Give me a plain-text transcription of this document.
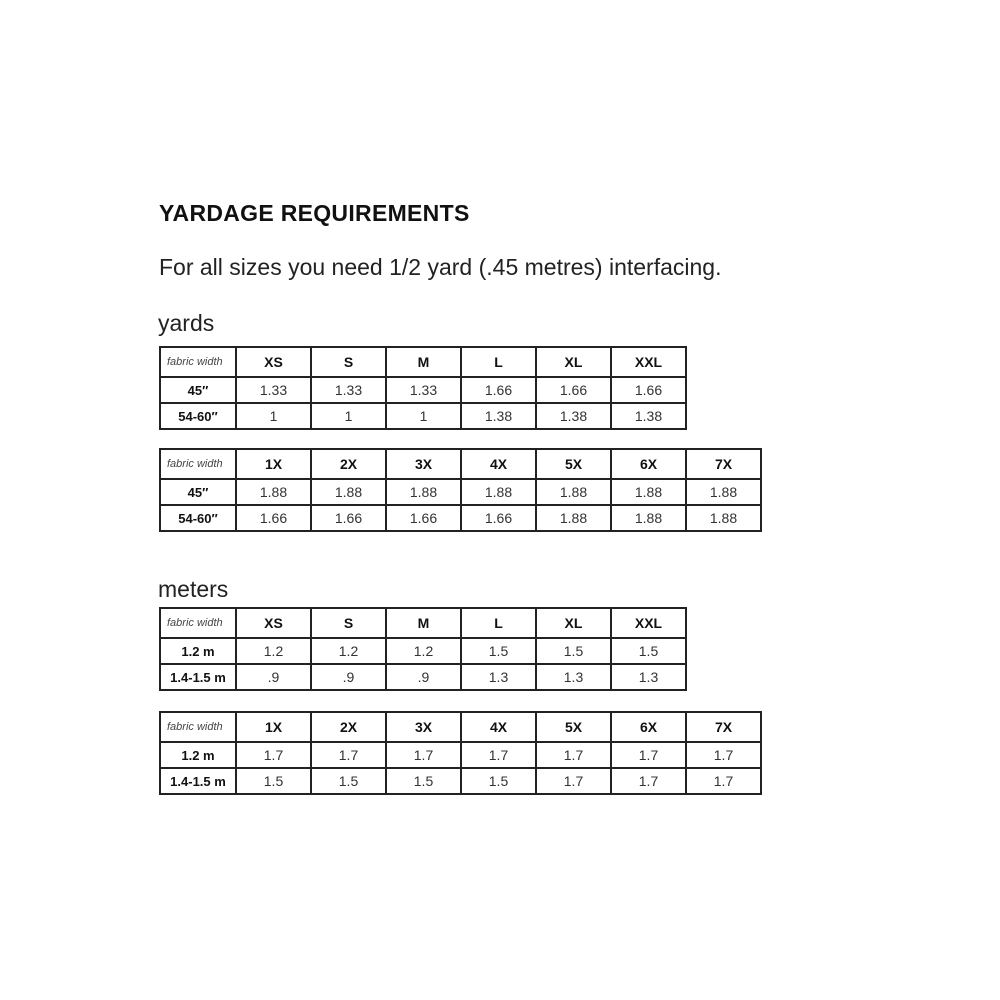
YARDAGE REQUIREMENTS

For all sizes you need 1/2 yard (.45 metres) interfacing.

yards

fabric width	XS	S	M	L	XL	XXL
45″	1.33	1.33	1.33	1.66	1.66	1.66
54-60″	1	1	1	1.38	1.38	1.38
fabric width	1X	2X	3X	4X	5X	6X	7X
45″	1.88	1.88	1.88	1.88	1.88	1.88	1.88
54-60″	1.66	1.66	1.66	1.66	1.88	1.88	1.88

meters

fabric width	XS	S	M	L	XL	XXL
1.2 m	1.2	1.2	1.2	1.5	1.5	1.5
1.4-1.5 m	.9	.9	.9	1.3	1.3	1.3
fabric width	1X	2X	3X	4X	5X	6X	7X
1.2 m	1.7	1.7	1.7	1.7	1.7	1.7	1.7
1.4-1.5 m	1.5	1.5	1.5	1.5	1.7	1.7	1.7
